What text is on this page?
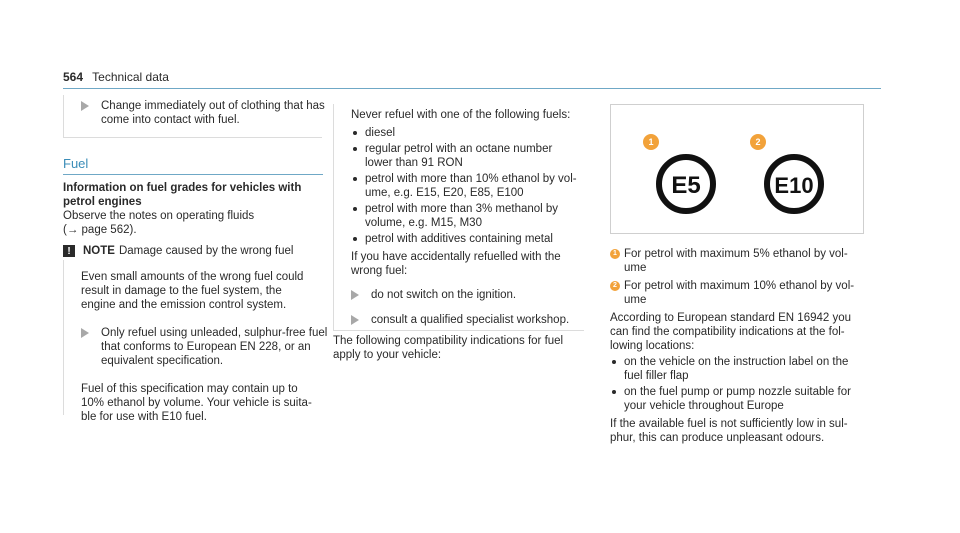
564 Technical data
Change immediately out of clothing that has come into contact with fuel.
Fuel
Information on fuel grades for vehicles with petrol engines

Observe the notes on operating fluids

(→ page 562).

!	NOTE Damage caused by the wrong fuel

Even small amounts of the wrong fuel could result in damage to the fuel system, the engine and the emission control system.

Only refuel using unleaded, sulphur-free fuel that conforms to European EN 228, or an equivalent specification.

Fuel of this specification may contain up to 10% ethanol by volume. Your vehicle is suitable for use with E10 fuel.

Never refuel with one of the following fuels:

diesel
regular petrol with an octane number lower than 91 RON
petrol with more than 10% ethanol by volume, e.g. E15, E20, E85, E100
petrol with more than 3% methanol by volume, e.g. M15, M30
petrol with additives containing metal

If you have accidentally refuelled with the wrong fuel:

do not switch on the ignition.
consult a qualified specialist workshop.

The following compatibility indications for fuel apply to your vehicle:

1
E5
2
E10
1 For petrol with maximum 5% ethanol by volume
2 For petrol with maximum 10% ethanol by volume

According to European standard EN 16942 you can find the compatibility indications at the following locations:

on the vehicle on the instruction label on the fuel filler flap
on the fuel pump or pump nozzle suitable for your vehicle throughout Europe

If the available fuel is not sufficiently low in sulphur, this can produce unpleasant odours.
